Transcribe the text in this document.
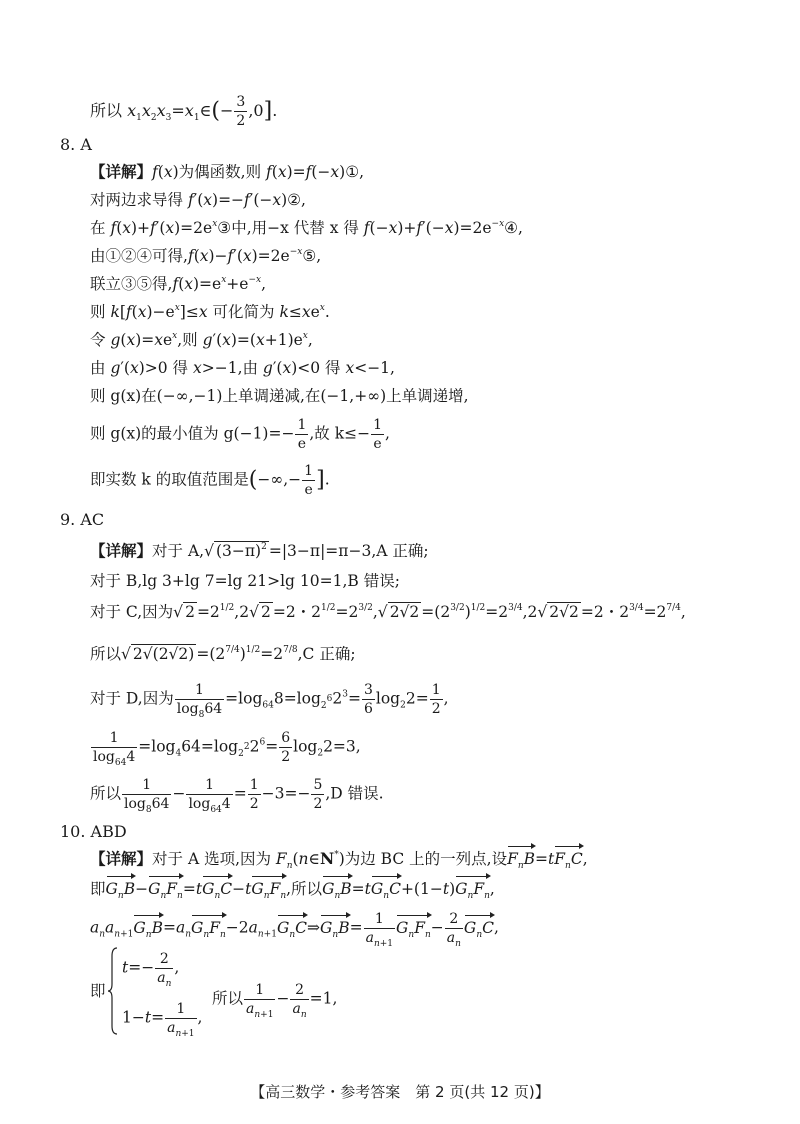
所以 $x_1x_2x_3=x_1\in(- \frac{3}{2} ,0]$.
8. A
【详解】f(x)为偶函数,则 f(x)=f(−x)①,
对两边求导得 f′(x)=−f′(−x)②,
在 $f(x)+f'(x)=2e^x③$中,用−x 代替 x 得 $f(-x)+f'(-x)=2e^{-x}④$,
由①②④可得$,f(x)-f'(x)=2e^{-x}⑤$,
联立③⑤得$,f(x)=e^x+e^{-x}$,
则 $k[f(x)-e^x]\le x$ 可化简为 $k\le xe^x$.
令 $g(x)=xe^x$,则 $g'(x)=(x+1)e^x$,
由 g′(x)>0 得 x>−1,由 g′(x)<0 得 x<−1,
则 g(x)在(−∞,−1)上单调递减,在(−1,+∞)上单调递增,
则 g(x)的最小值为 $g(-1)=- \frac{1}{e}$ ,故 $k\le- \frac{1}{e}$ ,
即实数 k 的取值范围是(−∞,− $\frac{1}{e}$ ].
9. AC
【详解】对于 A,√ $(3-\pi)^2 =|3-\pi|=\pi-3,A$ 正确;
对于 B,lg 3+lg 7=lg 21>lg 10=1,B 错误;
对于 C,因为√ $2 =2^{1/2},2√$ 2 =2・$2^{1/2}=2^{3/2},√$ $2√2 =(2^{3/2})^{1/2}=2^{3/4},2√$ 2√2 =2・$2^{3/4}=2^{7/4}$,
所以√ $2√(2√2) =(2^{7/4})^{1/2}=2^{7/8},C$ 正确;
对于 D,因为 $\frac{1}{\log_864} =\log_{64}8=\log_{2^6}2^3= \frac{3}{6} \log_22= \frac{1}{2}$ ,
$\frac{1}{\log_{64}4} =\log_464=\log_{2^2}2^6= \frac{6}{2} \log_22=3$,
所以 $\frac{1}{\log_864} - \frac{1}{\log_{64}4} = \frac{1}{2} -3=- \frac{5}{2} ,D$ 错误.
10. ABD
【详解】对于 A 选项,因为 $F_n(n\in N^*)$为边 BC 上的一列点,设$F_nB=tF_nC$,
即$G_nB-G_nF_n=tG_nC-tG_nF_n$,所以$G_nB=tG_nC+(1-t)G_nF_n$,
$a_na_{n+1}G_nB=a_nG_nF_n-2a_{n+1}G_nC\Rightarrow G_nB= \frac{1}{a_{n+1}} G_nF_n- \frac{2}{a_n} G_nC$,
即
$t=- \frac{2}{a_n}$ ,
$1-t= \frac{1}{a_{n+1}}$ ,
所以 $\frac{1}{a_{n+1}} - \frac{2}{a_n} =1$,
【高三数学・参考答案　第 2 页(共 12 页)】
